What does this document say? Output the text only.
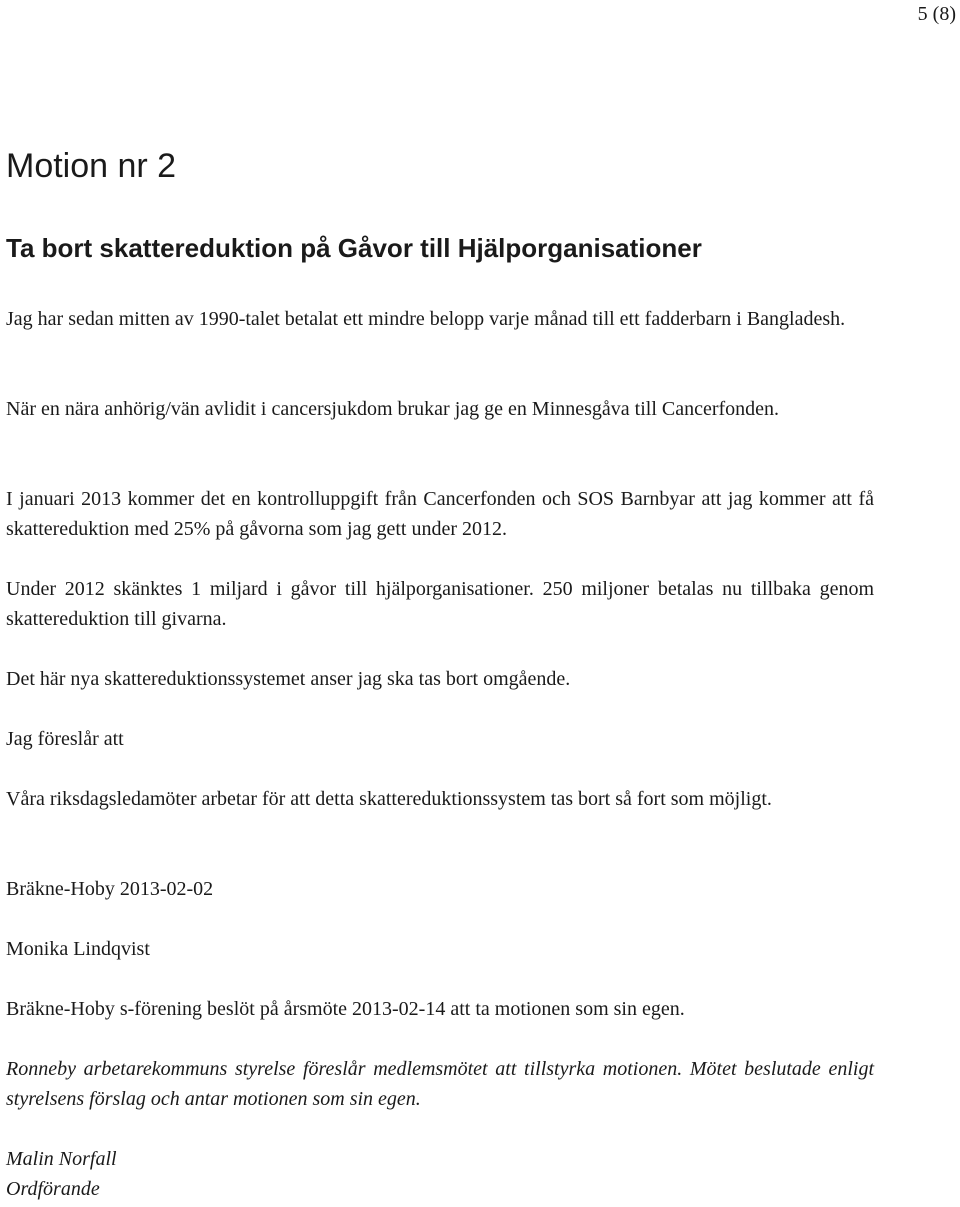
5 (8)
Motion nr 2
Ta bort skattereduktion på Gåvor till Hjälporganisationer

Jag har sedan mitten av 1990-talet betalat ett mindre belopp varje månad till ett fadderbarn i Bangladesh.

När en nära anhörig/vän avlidit i cancersjukdom brukar jag ge en Minnesgåva till Cancerfonden.

I januari 2013 kommer det en kontrolluppgift från Cancerfonden och SOS Barnbyar att jag kommer att få skattereduktion med 25% på gåvorna som jag gett under 2012.

Under 2012 skänktes 1 miljard i gåvor till hjälporganisationer. 250 miljoner betalas nu tillbaka genom skattereduktion till givarna.

Det här nya skattereduktionssystemet anser jag ska tas bort omgående.

Jag föreslår att

Våra riksdagsledamöter arbetar för att detta skattereduktionssystem tas bort så fort som möjligt.

Bräkne-Hoby 2013-02-02

Monika Lindqvist

Bräkne-Hoby s-förening beslöt på årsmöte 2013-02-14 att ta motionen som sin egen.

Ronneby arbetarekommuns styrelse föreslår medlemsmötet att tillstyrka motionen. Mötet beslutade enligt styrelsens förslag och antar motionen som sin egen.

Malin Norfall

Ordförande
